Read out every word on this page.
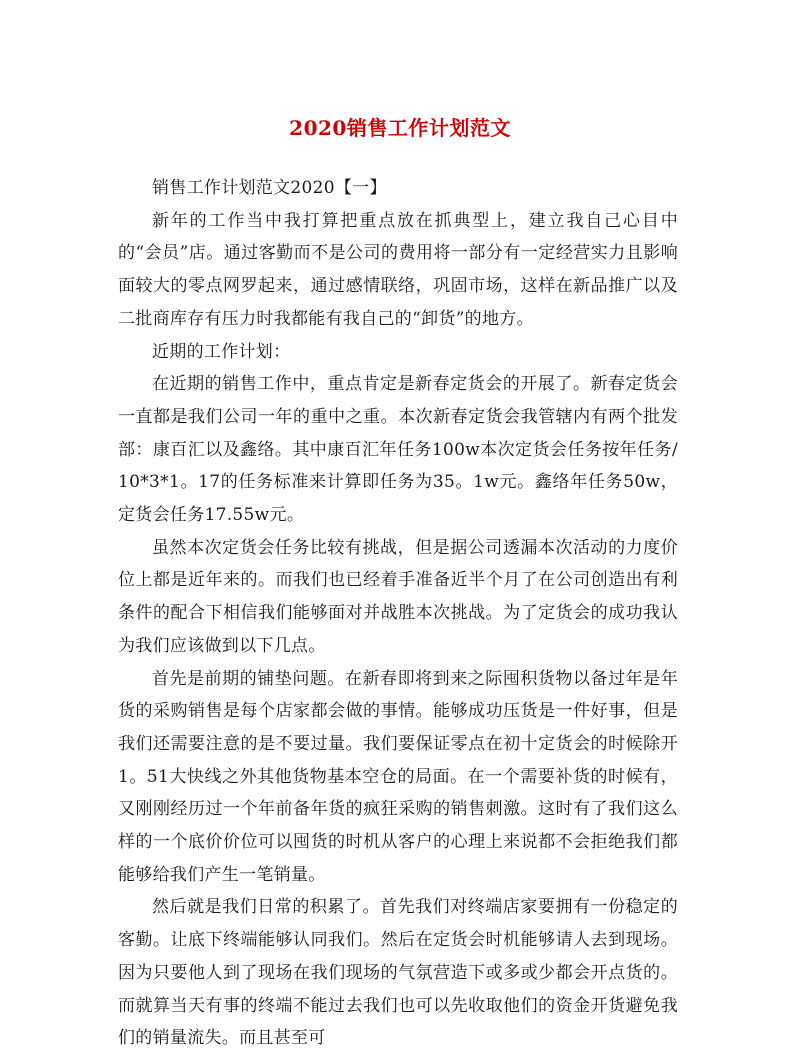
2020销售工作计划范文

销售工作计划范文2020【一】

新年的工作当中我打算把重点放在抓典型上，建立我自己心目中的“会员”店。通过客勤而不是公司的费用将一部分有一定经营实力且影响面较大的零点网罗起来，通过感情联络，巩固市场，这样在新品推广以及二批商库存有压力时我都能有我自己的“卸货”的地方。

近期的工作计划：

在近期的销售工作中，重点肯定是新春定货会的开展了。新春定货会一直都是我们公司一年的重中之重。本次新春定货会我管辖内有两个批发部：康百汇以及鑫络。其中康百汇年任务100w本次定货会任务按年任务/10*3*1。17的任务标准来计算即任务为35。1w元。鑫络年任务50w，定货会任务17.55w元。

虽然本次定货会任务比较有挑战，但是据公司透漏本次活动的力度价位上都是近年来的。而我们也已经着手准备近半个月了在公司创造出有利条件的配合下相信我们能够面对并战胜本次挑战。为了定货会的成功我认为我们应该做到以下几点。

首先是前期的铺垫问题。在新春即将到来之际囤积货物以备过年是年货的采购销售是每个店家都会做的事情。能够成功压货是一件好事，但是我们还需要注意的是不要过量。我们要保证零点在初十定货会的时候除开1。51大快线之外其他货物基本空仓的局面。在一个需要补货的时候有，又刚刚经历过一个年前备年货的疯狂采购的销售刺激。这时有了我们这么样的一个底价价位可以囤货的时机从客户的心理上来说都不会拒绝我们都能够给我们产生一笔销量。

然后就是我们日常的积累了。首先我们对终端店家要拥有一份稳定的客勤。让底下终端能够认同我们。然后在定货会时机能够请人去到现场。因为只要他人到了现场在我们现场的气氛营造下或多或少都会开点货的。而就算当天有事的终端不能过去我们也可以先收取他们的资金开货避免我们的销量流失。而且甚至可
